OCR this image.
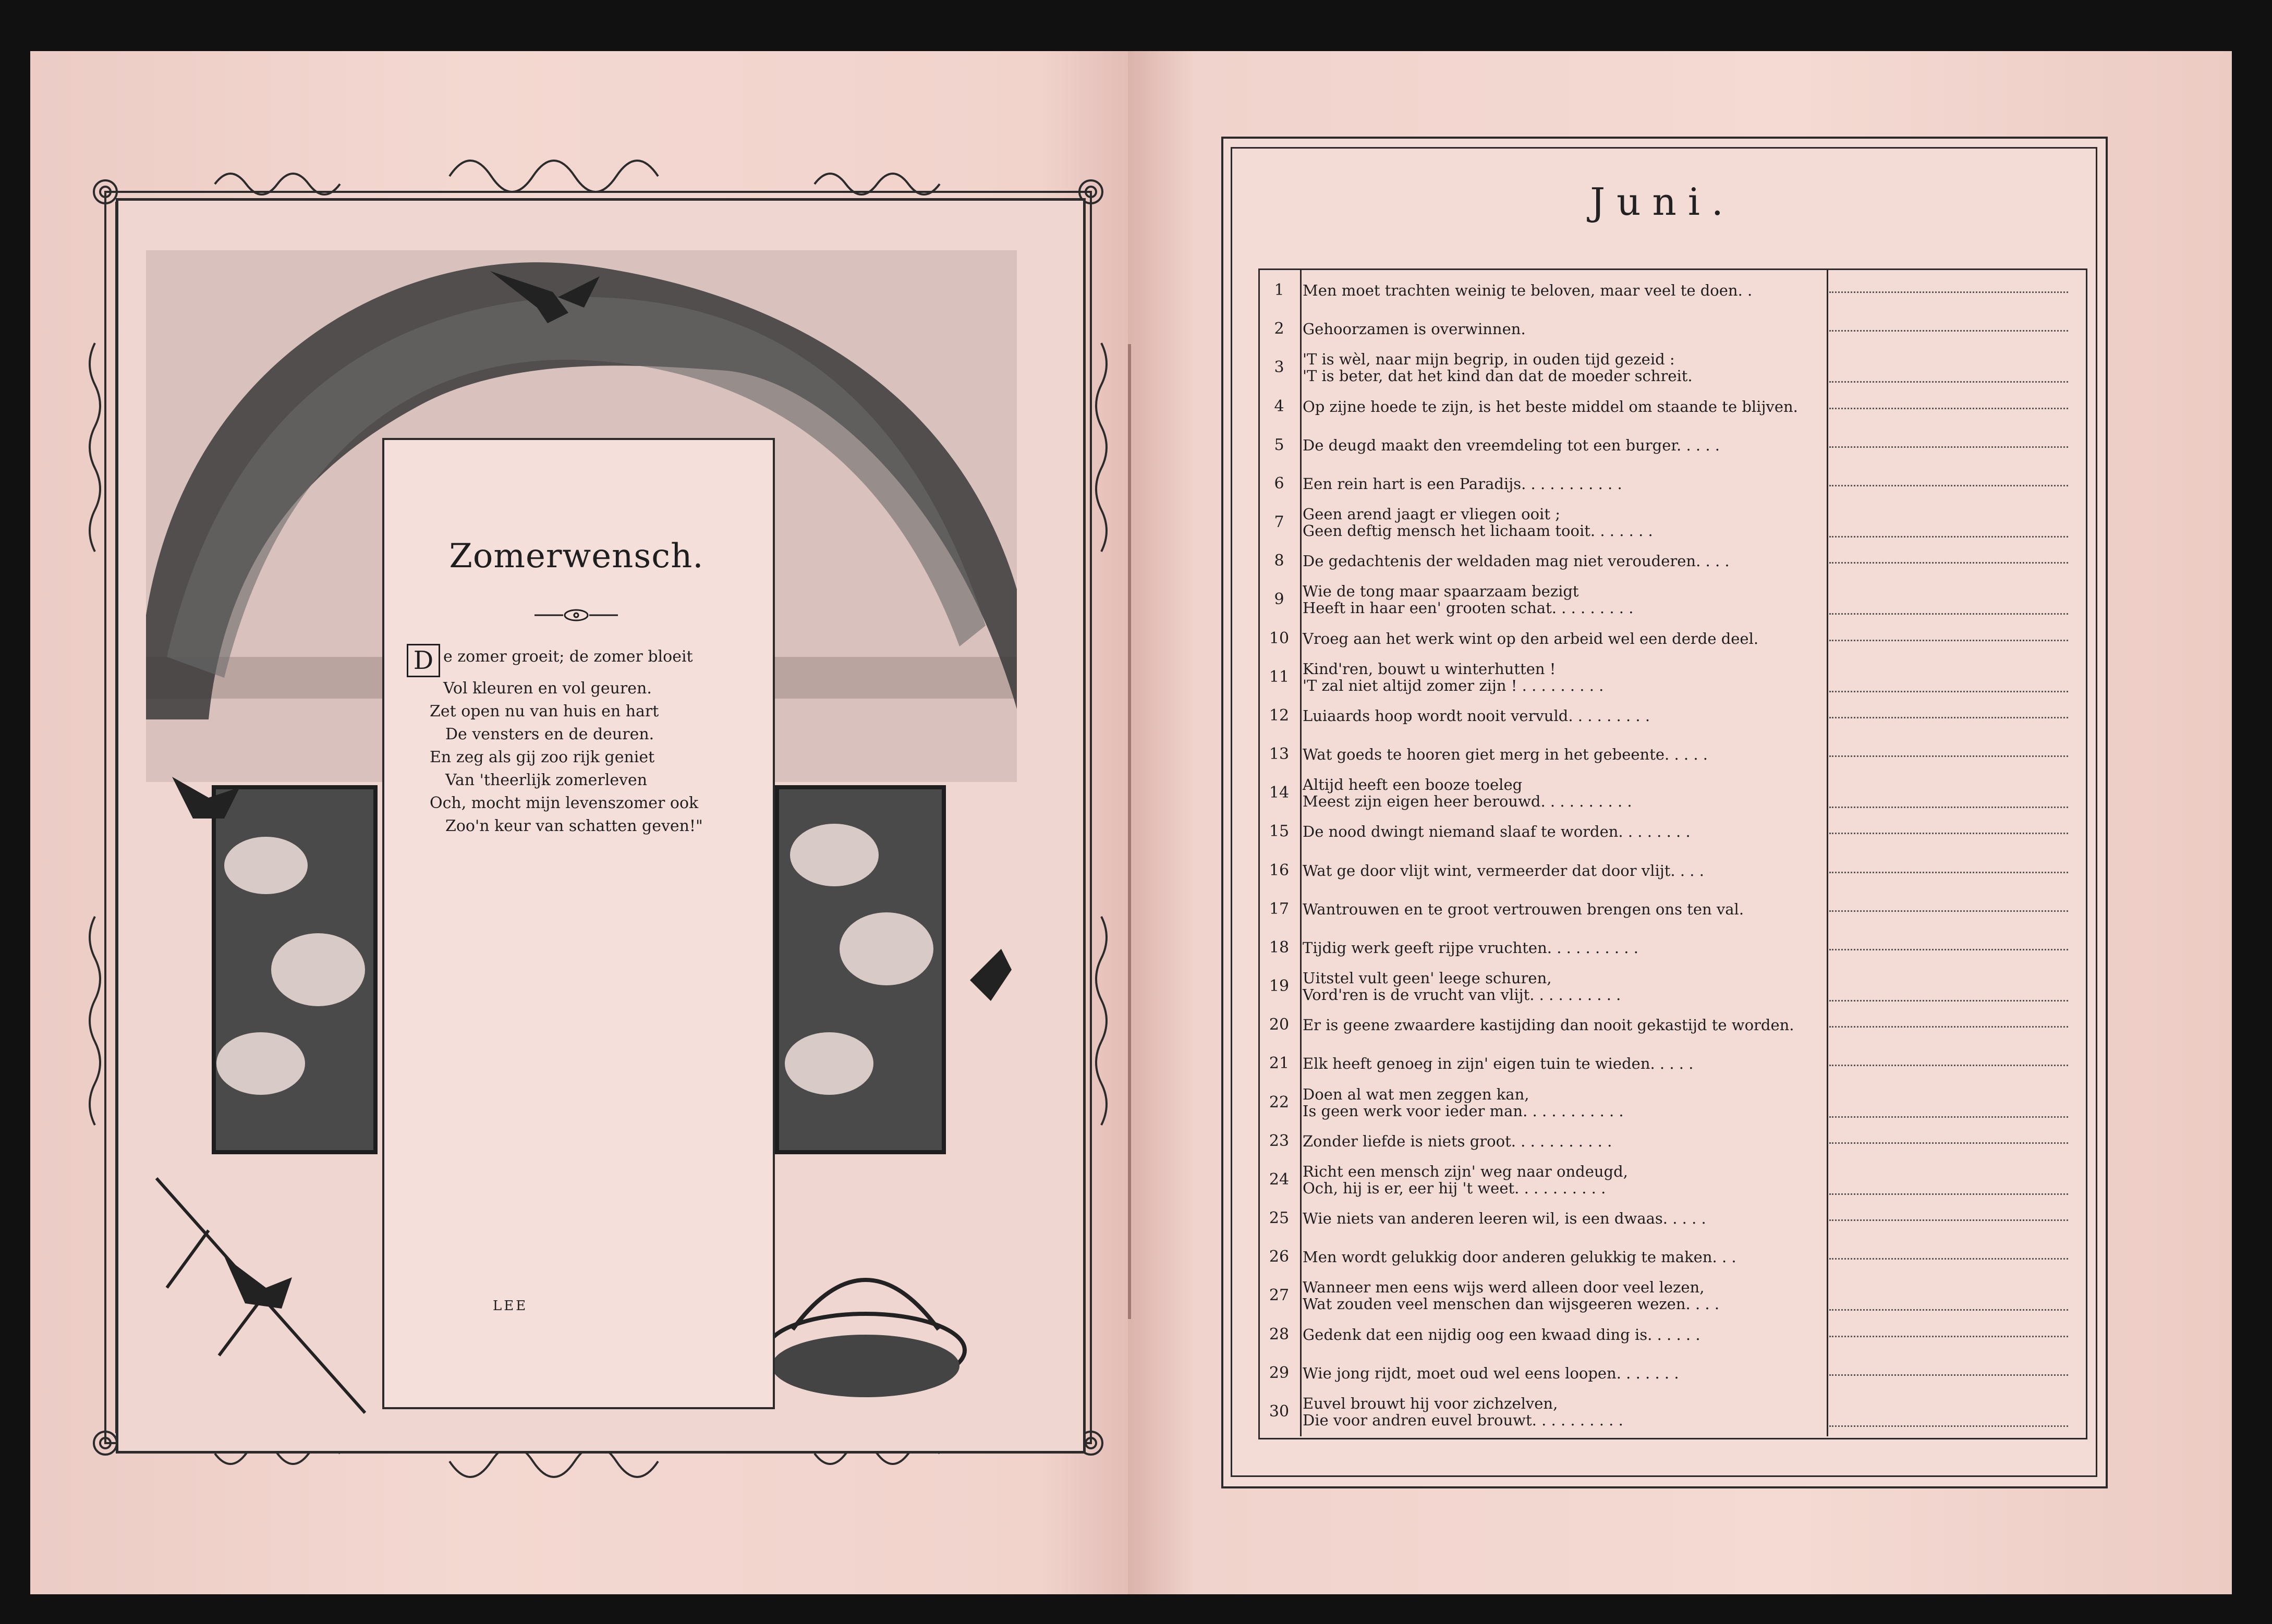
Zomerwensch.
D e zomer groeit; de zomer bloeit
Vol kleuren en vol geuren.
Zet open nu van huis en hart
De vensters en de deuren.
En zeg als gij zoo rijk geniet
Van 'theerlijk zomerleven
Och, mocht mijn levenszomer ook
Zoo'n keur van schatten geven!"
LEE
Juni.
1	Men moet trachten weinig te beloven, maar veel te doen. .
2	Gehoorzamen is overwinnen.
3	'T is wèl, naar mijn begrip, in ouden tijd gezeid :
'T is beter, dat het kind dan dat de moeder schreit.
4	Op zijne hoede te zijn, is het beste middel om staande te blijven.
5	De deugd maakt den vreemdeling tot een burger. . . . .
6	Een rein hart is een Paradijs. . . . . . . . . . .
7	Geen arend jaagt er vliegen ooit ;
Geen deftig mensch het lichaam tooit. . . . . . .
8	De gedachtenis der weldaden mag niet verouderen. . . .
9	Wie de tong maar spaarzaam bezigt
Heeft in haar een' grooten schat. . . . . . . . .
10 Vroeg aan het werk wint op den arbeid wel een derde deel.
11 Kind'ren, bouwt u winterhutten !
'T zal niet altijd zomer zijn ! . . . . . . . . .
12 Luiaards hoop wordt nooit vervuld. . . . . . . . .
13 Wat goeds te hooren giet merg in het gebeente. . . . .
14 Altijd heeft een booze toeleg
Meest zijn eigen heer berouwd. . . . . . . . . .
15 De nood dwingt niemand slaaf te worden. . . . . . . .
16 Wat ge door vlijt wint, vermeerder dat door vlijt. . . .
17 Wantrouwen en te groot vertrouwen brengen ons ten val.
18 Tijdig werk geeft rijpe vruchten. . . . . . . . . .
19 Uitstel vult geen' leege schuren,
Vord'ren is de vrucht van vlijt. . . . . . . . . .
20 Er is geene zwaardere kastijding dan nooit gekastijd te worden.
21 Elk heeft genoeg in zijn' eigen tuin te wieden. . . . .
22 Doen al wat men zeggen kan,
Is geen werk voor ieder man. . . . . . . . . . .
23 Zonder liefde is niets groot. . . . . . . . . . .
24 Richt een mensch zijn' weg naar ondeugd,
Och, hij is er, eer hij 't weet. . . . . . . . . .
25 Wie niets van anderen leeren wil, is een dwaas. . . . .
26 Men wordt gelukkig door anderen gelukkig te maken. . .
27 Wanneer men eens wijs werd alleen door veel lezen,
Wat zouden veel menschen dan wijsgeeren wezen. . . .
28 Gedenk dat een nijdig oog een kwaad ding is. . . . . .
29 Wie jong rijdt, moet oud wel eens loopen. . . . . . .
30 Euvel brouwt hij voor zichzelven,
Die voor andren euvel brouwt. . . . . . . . . .
